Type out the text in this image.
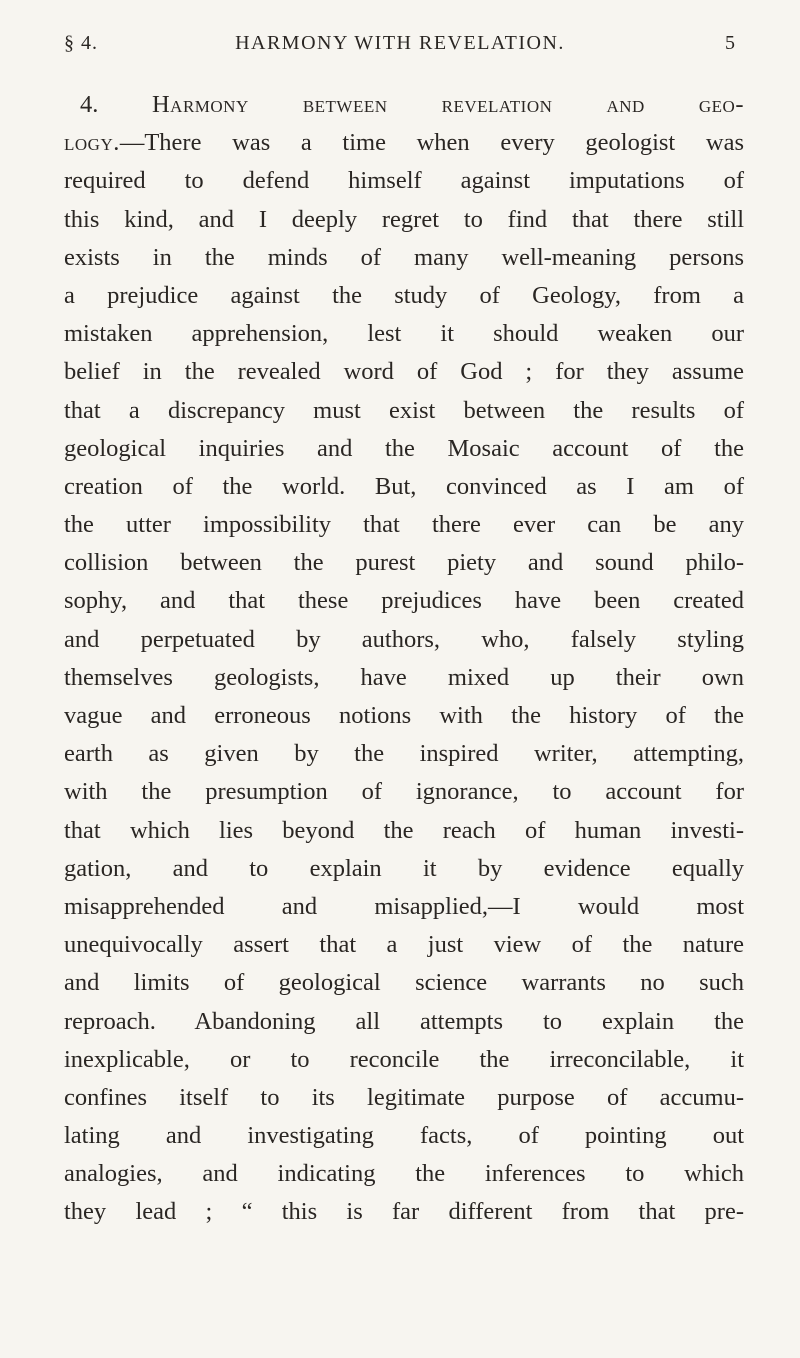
§ 4.	HARMONY WITH REVELATION.	5
4. Harmony between revelation and geo-
logy.—There was a time when every geologist was
required to defend himself against imputations of
this kind, and I deeply regret to find that there still
exists in the minds of many well-meaning persons
a prejudice against the study of Geology, from a
mistaken apprehension, lest it should weaken our
belief in the revealed word of God ; for they assume
that a discrepancy must exist between the results of
geological inquiries and the Mosaic account of the
creation of the world. But, convinced as I am of
the utter impossibility that there ever can be any
collision between the purest piety and sound philo-
sophy, and that these prejudices have been created
and perpetuated by authors, who, falsely styling
themselves geologists, have mixed up their own
vague and erroneous notions with the history of the
earth as given by the inspired writer, attempting,
with the presumption of ignorance, to account for
that which lies beyond the reach of human investi-
gation, and to explain it by evidence equally
misapprehended and misapplied,—I would most
unequivocally assert that a just view of the nature
and limits of geological science warrants no such
reproach. Abandoning all attempts to explain the
inexplicable, or to reconcile the irreconcilable, it
confines itself to its legitimate purpose of accumu-
lating and investigating facts, of pointing out
analogies, and indicating the inferences to which
they lead ; “ this is far different from that pre-
